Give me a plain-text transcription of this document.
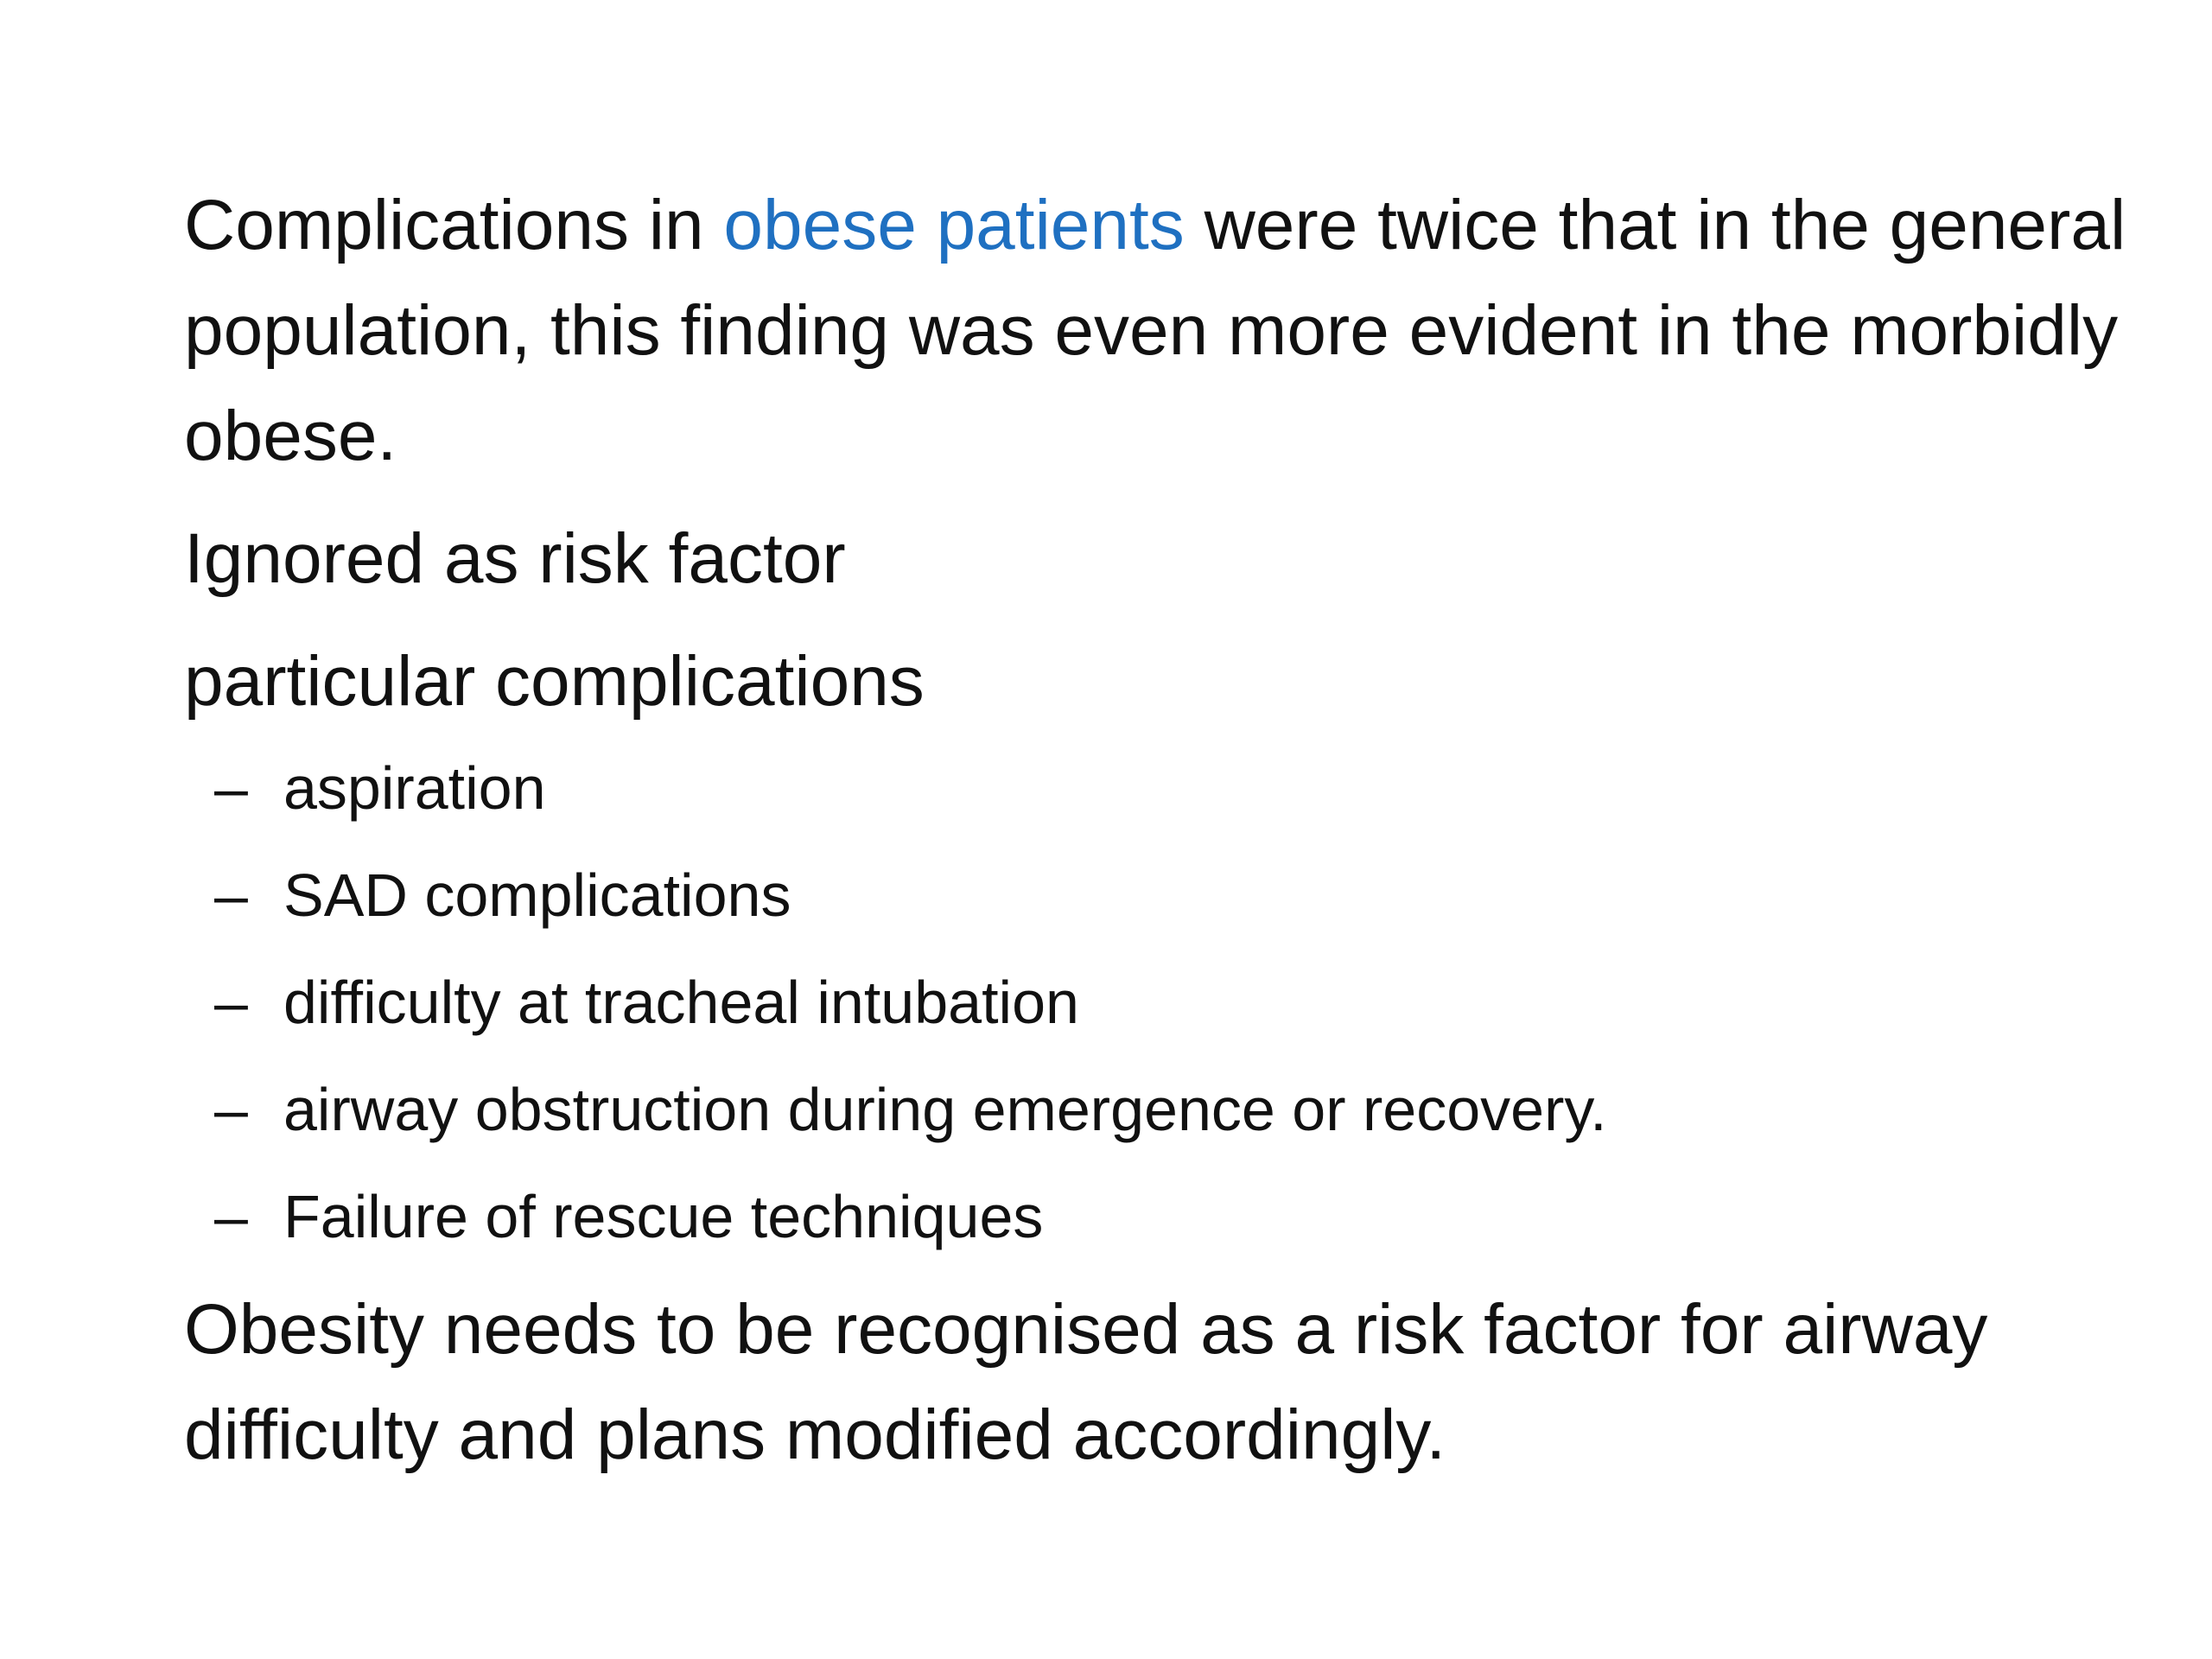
Complications in obese patients were twice that in the general population, this finding was even more evident in the morbidly obese.

Ignored as risk factor

particular complications

– aspiration
– SAD complications
– difficulty at tracheal intubation
– airway obstruction during emergence or recovery.
– Failure of rescue techniques

Obesity needs to be recognised as a risk factor for airway difficulty and plans modified accordingly.
